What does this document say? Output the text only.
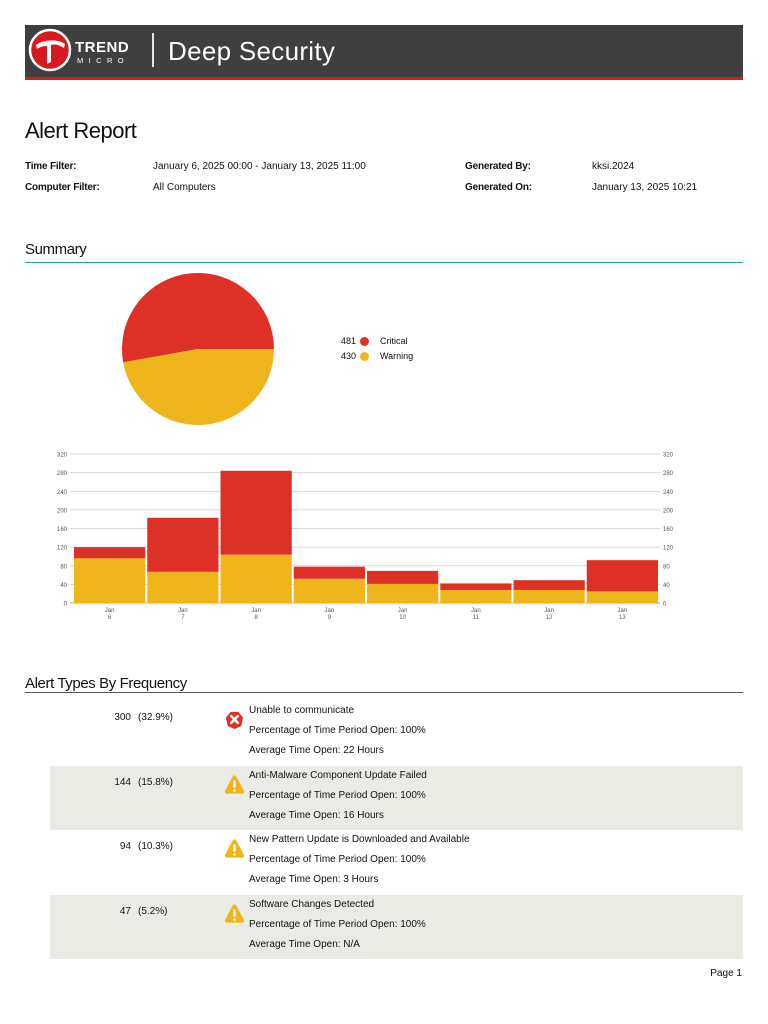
TREND
MICRO Deep Security
Alert Report
Time Filter:	January 6, 2025 00:00 - January 13, 2025 11:00	Generated By:	kksi.2024
Computer Filter:	All Computers	Generated On:	January 13, 2025 10:21
Summary
481	Critical
430	Warning
0	0
40	40
80	80
120	120
160	160
200	200
240	240
280	280
320	320
Jan
6
Jan
7
Jan
8
Jan
9
Jan
10
Jan
11
Jan
12
Jan
13
Alert Types By Frequency
300 (32.9%)
Unable to communicate
Percentage of Time Period Open: 100%
Average Time Open: 22 Hours
144 (15.8%)
Anti-Malware Component Update Failed
Percentage of Time Period Open: 100%
Average Time Open: 16 Hours
94 (10.3%)
New Pattern Update is Downloaded and Available
Percentage of Time Period Open: 100%
Average Time Open: 3 Hours
47 (5.2%)
Software Changes Detected
Percentage of Time Period Open: 100%
Average Time Open: N/A
Page 1
